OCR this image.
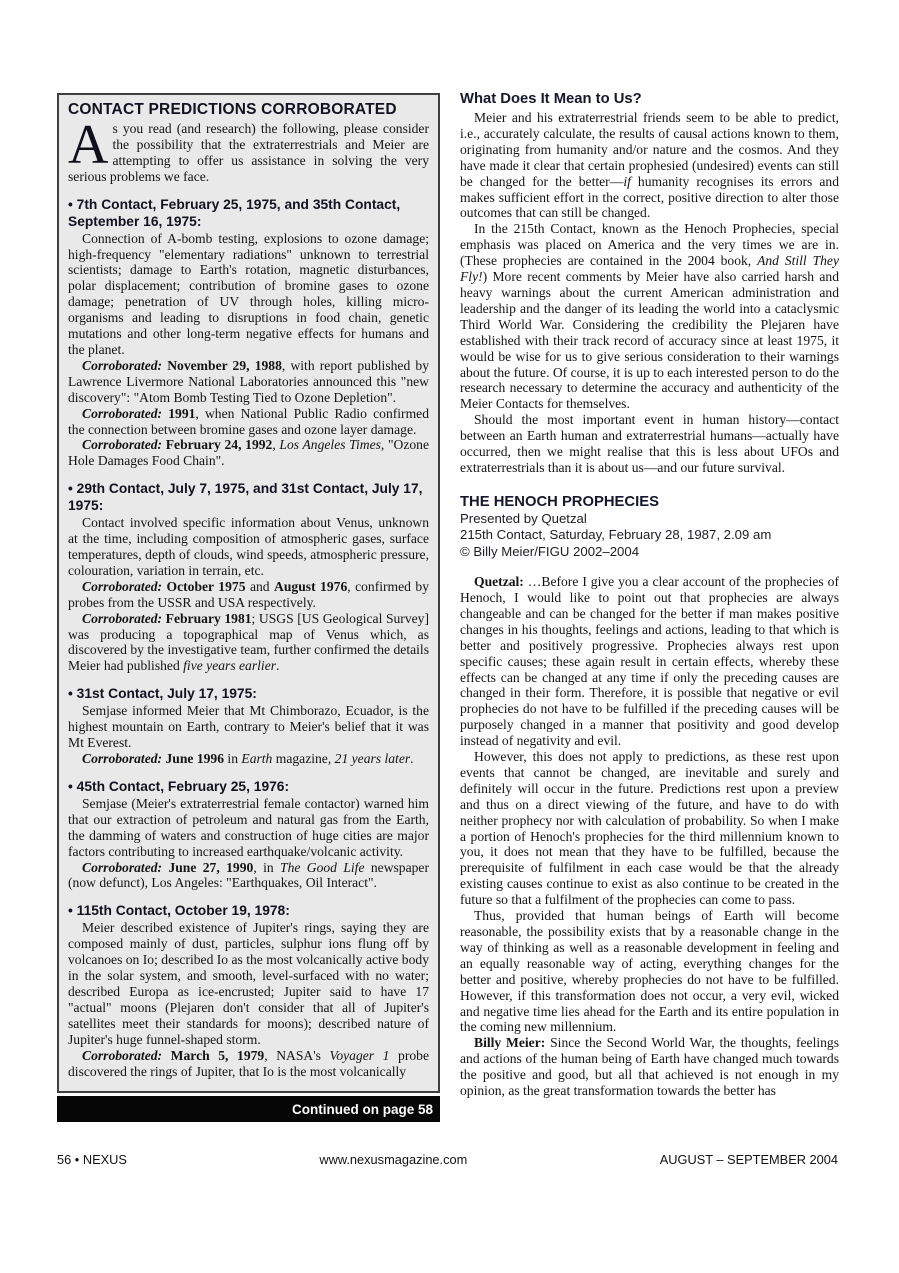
CONTACT PREDICTIONS CORROBORATED

As you read (and research) the following, please consider the possibility that the extraterrestrials and Meier are attempting to offer us assistance in solving the very serious problems we face.

• 7th Contact, February 25, 1975, and 35th Contact, September 16, 1975:

Connection of A-bomb testing, explosions to ozone damage; high-frequency "elementary radiations" unknown to terrestrial scientists; damage to Earth's rotation, magnetic disturbances, polar displacement; contribution of bromine gases to ozone damage; penetration of UV through holes, killing micro-organisms and leading to disruptions in food chain, genetic mutations and other long-term negative effects for humans and the planet.

Corroborated: November 29, 1988, with report published by Lawrence Livermore National Laboratories announced this "new discovery": "Atom Bomb Testing Tied to Ozone Depletion".

Corroborated: 1991, when National Public Radio confirmed the connection between bromine gases and ozone layer damage.

Corroborated: February 24, 1992, Los Angeles Times, "Ozone Hole Damages Food Chain".

• 29th Contact, July 7, 1975, and 31st Contact, July 17, 1975:

Contact involved specific information about Venus, unknown at the time, including composition of atmospheric gases, surface temperatures, depth of clouds, wind speeds, atmospheric pressure, colouration, variation in terrain, etc.

Corroborated: October 1975 and August 1976, confirmed by probes from the USSR and USA respectively.

Corroborated: February 1981; USGS [US Geological Survey] was producing a topographical map of Venus which, as discovered by the investigative team, further confirmed the details Meier had published five years earlier.

• 31st Contact, July 17, 1975:

Semjase informed Meier that Mt Chimborazo, Ecuador, is the highest mountain on Earth, contrary to Meier's belief that it was Mt Everest.

Corroborated: June 1996 in Earth magazine, 21 years later.

• 45th Contact, February 25, 1976:

Semjase (Meier's extraterrestrial female contactor) warned him that our extraction of petroleum and natural gas from the Earth, the damming of waters and construction of huge cities are major factors contributing to increased earthquake/volcanic activity.

Corroborated: June 27, 1990, in The Good Life newspaper (now defunct), Los Angeles: "Earthquakes, Oil Interact".

• 115th Contact, October 19, 1978:

Meier described existence of Jupiter's rings, saying they are composed mainly of dust, particles, sulphur ions flung off by volcanoes on Io; described Io as the most volcanically active body in the solar system, and smooth, level-surfaced with no water; described Europa as ice-encrusted; Jupiter said to have 17 "actual" moons (Plejaren don't consider that all of Jupiter's satellites meet their standards for moons); described nature of Jupiter's huge funnel-shaped storm.

Corroborated: March 5, 1979, NASA's Voyager 1 probe discovered the rings of Jupiter, that Io is the most volcanically

Continued on page 58
What Does It Mean to Us?

Meier and his extraterrestrial friends seem to be able to predict, i.e., accurately calculate, the results of causal actions known to them, originating from humanity and/or nature and the cosmos. And they have made it clear that certain prophesied (undesired) events can still be changed for the better—if humanity recognises its errors and makes sufficient effort in the correct, positive direction to alter those outcomes that can still be changed.

In the 215th Contact, known as the Henoch Prophecies, special emphasis was placed on America and the very times we are in. (These prophecies are contained in the 2004 book, And Still They Fly!) More recent comments by Meier have also carried harsh and heavy warnings about the current American administration and leadership and the danger of its leading the world into a cataclysmic Third World War. Considering the credibility the Plejaren have established with their track record of accuracy since at least 1975, it would be wise for us to give serious consideration to their warnings about the future. Of course, it is up to each interested person to do the research necessary to determine the accuracy and authenticity of the Meier Contacts for themselves.

Should the most important event in human history—contact between an Earth human and extraterrestrial humans—actually have occurred, then we might realise that this is less about UFOs and extraterrestrials than it is about us—and our future survival.

THE HENOCH PROPHECIES

Presented by Quetzal

215th Contact, Saturday, February 28, 1987, 2.09 am

© Billy Meier/FIGU 2002–2004

Quetzal: …Before I give you a clear account of the prophecies of Henoch, I would like to point out that prophecies are always changeable and can be changed for the better if man makes positive changes in his thoughts, feelings and actions, leading to that which is better and positively progressive. Prophecies always rest upon specific causes; these again result in certain effects, whereby these effects can be changed at any time if only the preceding causes are changed in their form. Therefore, it is possible that negative or evil prophecies do not have to be fulfilled if the preceding causes will be purposely changed in a manner that positivity and good develop instead of negativity and evil.

However, this does not apply to predictions, as these rest upon events that cannot be changed, are inevitable and surely and definitely will occur in the future. Predictions rest upon a preview and thus on a direct viewing of the future, and have to do with neither prophecy nor with calculation of probability. So when I make a portion of Henoch's prophecies for the third millennium known to you, it does not mean that they have to be fulfilled, because the prerequisite of fulfilment in each case would be that the already existing causes continue to exist as also continue to be created in the future so that a fulfilment of the prophecies can come to pass.

Thus, provided that human beings of Earth will become reasonable, the possibility exists that by a reasonable change in the way of thinking as well as a reasonable development in feeling and an equally reasonable way of acting, everything changes for the better and positive, whereby prophecies do not have to be fulfilled. However, if this transformation does not occur, a very evil, wicked and negative time lies ahead for the Earth and its entire population in the coming new millennium.

Billy Meier: Since the Second World War, the thoughts, feelings and actions of the human being of Earth have changed much towards the positive and good, but all that achieved is not enough in my opinion, as the great transformation towards the better has

56 • NEXUS	www.nexusmagazine.com	AUGUST – SEPTEMBER 2004
